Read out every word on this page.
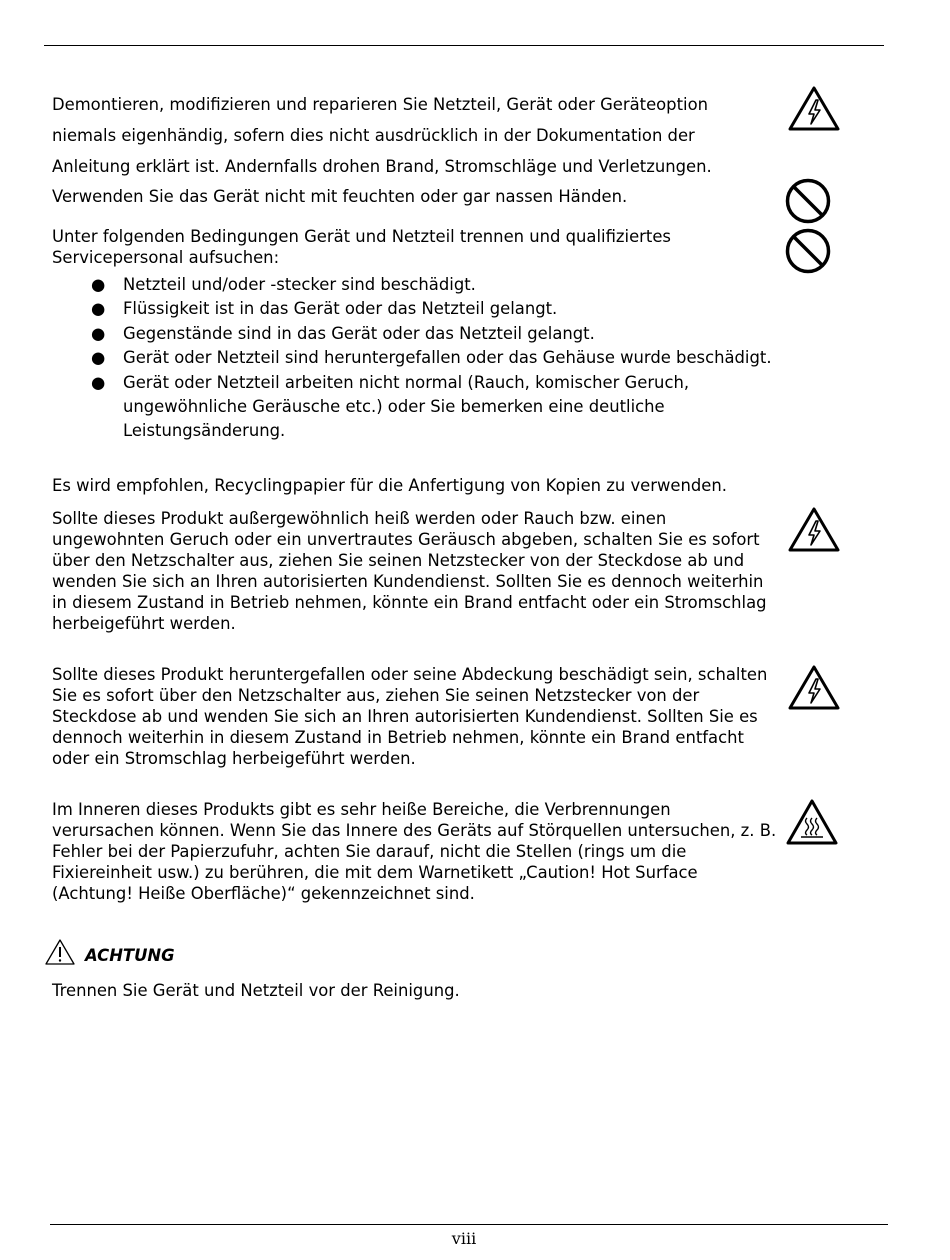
Demontieren, modifizieren und reparieren Sie Netzteil, Gerät oder Geräteoption niemals eigenhändig, sofern dies nicht ausdrücklich in der Dokumentation der Anleitung erklärt ist. Andernfalls drohen Brand, Stromschläge und Verletzungen.

Verwenden Sie das Gerät nicht mit feuchten oder gar nassen Händen.

Unter folgenden Bedingungen Gerät und Netzteil trennen und qualifiziertes Servicepersonal aufsuchen:

● Netzteil und/oder -stecker sind beschädigt.
● Flüssigkeit ist in das Gerät oder das Netzteil gelangt.
● Gegenstände sind in das Gerät oder das Netzteil gelangt.
● Gerät oder Netzteil sind heruntergefallen oder das Gehäuse wurde beschädigt.
● Gerät oder Netzteil arbeiten nicht normal (Rauch, komischer Geruch, ungewöhnliche Geräusche etc.) oder Sie bemerken eine deutliche Leistungsänderung.

Es wird empfohlen, Recyclingpapier für die Anfertigung von Kopien zu verwenden.

Sollte dieses Produkt außergewöhnlich heiß werden oder Rauch bzw. einen ungewohnten Geruch oder ein unvertrautes Geräusch abgeben, schalten Sie es sofort über den Netzschalter aus, ziehen Sie seinen Netzstecker von der Steckdose ab und wenden Sie sich an Ihren autorisierten Kundendienst. Sollten Sie es dennoch weiterhin in diesem Zustand in Betrieb nehmen, könnte ein Brand entfacht oder ein Stromschlag herbeigeführt werden.

Sollte dieses Produkt heruntergefallen oder seine Abdeckung beschädigt sein, schalten Sie es sofort über den Netzschalter aus, ziehen Sie seinen Netzstecker von der Steckdose ab und wenden Sie sich an Ihren autorisierten Kundendienst. Sollten Sie es dennoch weiterhin in diesem Zustand in Betrieb nehmen, könnte ein Brand entfacht oder ein Stromschlag herbeigeführt werden.

Im Inneren dieses Produkts gibt es sehr heiße Bereiche, die Verbrennungen verursachen können. Wenn Sie das Innere des Geräts auf Störquellen untersuchen, z. B. Fehler bei der Papierzufuhr, achten Sie darauf, nicht die Stellen (rings um die Fixiereinheit usw.) zu berühren, die mit dem Warnetikett „Caution! Hot Surface (Achtung! Heiße Oberfläche)“ gekennzeichnet sind.

ACHTUNG

Trennen Sie Gerät und Netzteil vor der Reinigung.

viii
